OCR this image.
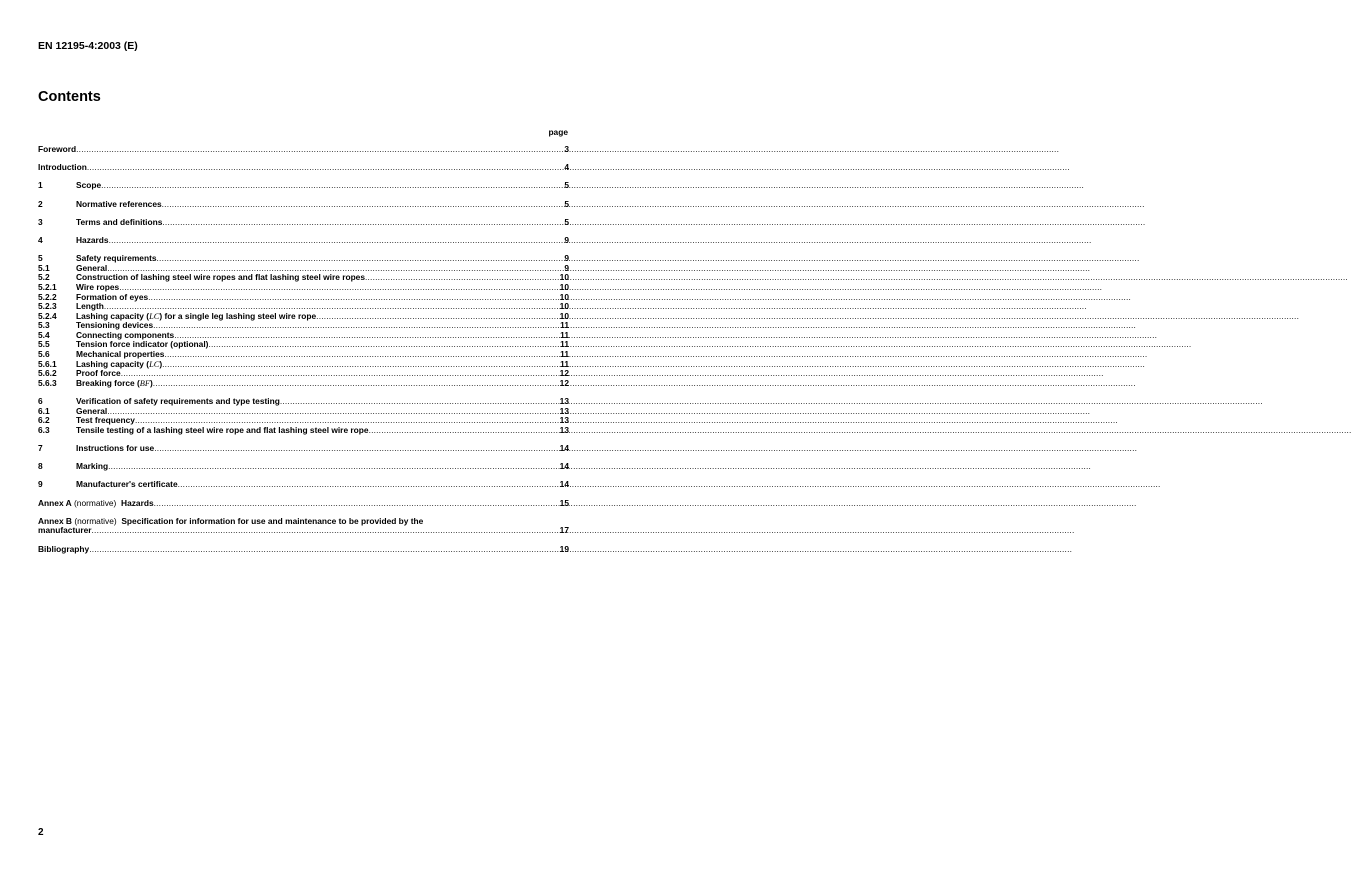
EN 12195-4:2003 (E)
Contents
page
Foreword .....	3
Introduction .....	4
1	Scope .....	5
2	Normative references .....	5
3	Terms and definitions .....	5
4	Hazards .....	9
5	Safety requirements .....	9
5.1	General .....	9
5.2	Construction of lashing steel wire ropes and flat lashing steel wire ropes .....	10
5.2.1	Wire ropes .....	10
5.2.2	Formation of eyes .....	10
5.2.3	Length .....	10
5.2.4	Lashing capacity (LC) for a single leg lashing steel wire rope .....	10
5.3	Tensioning devices .....	11
5.4	Connecting components .....	11
5.5	Tension force indicator (optional) .....	11
5.6	Mechanical properties .....	11
5.6.1	Lashing capacity (LC) .....	11
5.6.2	Proof force .....	12
5.6.3	Breaking force (BF) .....	12
6	Verification of safety requirements and type testing .....	13
6.1	General .....	13
6.2	Test frequency .....	13
6.3	Tensile testing of a lashing steel wire rope and flat lashing steel wire rope .....	13
7	Instructions for use .....	14
8	Marking .....	14
9	Manufacturer's certificate .....	14
Annex A (normative) Hazards .....	15
Annex B
(normative)
Specification for information for use and maintenance to be provided by the
manufacturer .....	17
Bibliography .....	19
2
